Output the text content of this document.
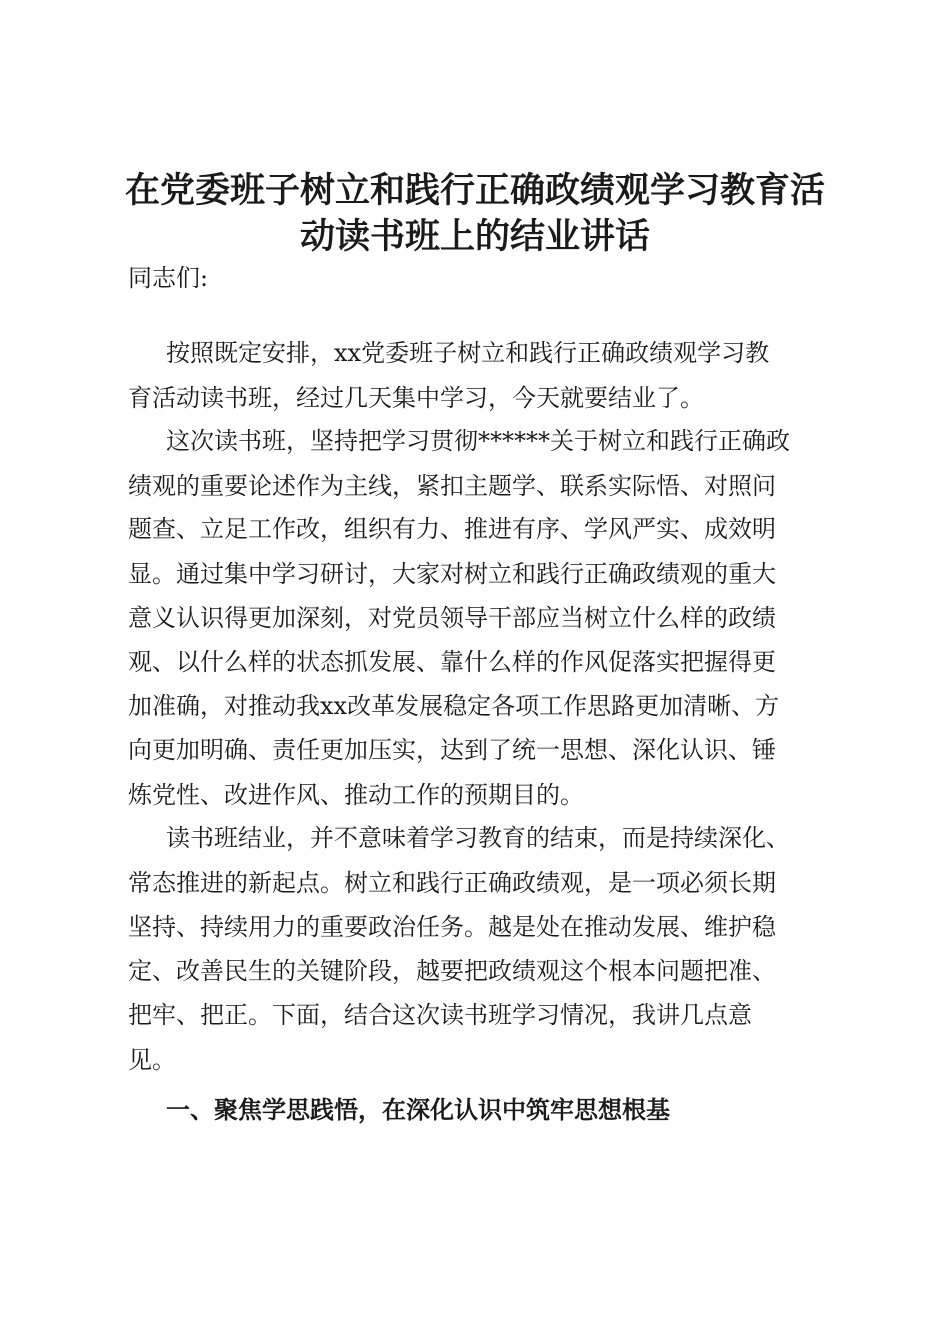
在党委班子树立和践行正确政绩观学习教育活
动读书班上的结业讲话

同志们:

按照既定安排，xx党委班子树立和践行正确政绩观学习教

育活动读书班，经过几天集中学习，今天就要结业了。

这次读书班，坚持把学习贯彻******关于树立和践行正确政

绩观的重要论述作为主线，紧扣主题学、联系实际悟、对照问

题查、立足工作改，组织有力、推进有序、学风严实、成效明

显。通过集中学习研讨，大家对树立和践行正确政绩观的重大

意义认识得更加深刻，对党员领导干部应当树立什么样的政绩

观、以什么样的状态抓发展、靠什么样的作风促落实把握得更

加准确，对推动我xx改革发展稳定各项工作思路更加清晰、方

向更加明确、责任更加压实，达到了统一思想、深化认识、锤

炼党性、改进作风、推动工作的预期目的。

读书班结业，并不意味着学习教育的结束，而是持续深化、

常态推进的新起点。树立和践行正确政绩观，是一项必须长期

坚持、持续用力的重要政治任务。越是处在推动发展、维护稳

定、改善民生的关键阶段，越要把政绩观这个根本问题把准、

把牢、把正。下面，结合这次读书班学习情况，我讲几点意

见。

一、聚焦学思践悟，在深化认识中筑牢思想根基
